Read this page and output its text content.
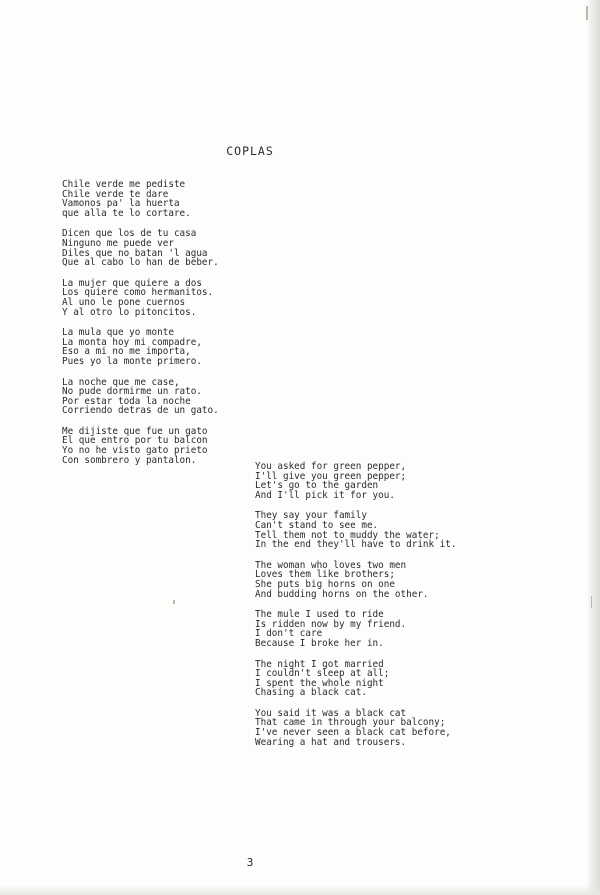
COPLAS
Chile verde me pediste
Chile verde te dare
Vamonos pa' la huerta
que alla te lo cortare.
Dicen que los de tu casa
Ninguno me puede ver
Diles que no batan 'l agua
Que al cabo lo han de beber.
La mujer que quiere a dos
Los quiere como hermanitos.
Al uno le pone cuernos
Y al otro lo pitoncitos.
La mula que yo monte
La monta hoy mi compadre,
Eso a mi no me importa,
Pues yo la monte primero.
La noche que me case,
No pude dormirme un rato.
Por estar toda la noche
Corriendo detras de un gato.
Me dijiste que fue un gato
El que entro por tu balcon
Yo no he visto gato prieto
Con sombrero y pantalon.
You asked for green pepper,
I'll give you green pepper;
Let's go to the garden
And I'll pick it for you.
They say your family
Can't stand to see me.
Tell them not to muddy the water;
In the end they'll have to drink it.
The woman who loves two men
Loves them like brothers;
She puts big horns on one
And budding horns on the other.
The mule I used to ride
Is ridden now by my friend.
I don't care
Because I broke her in.
The night I got married
I couldn't sleep at all;
I spent the whole night
Chasing a black cat.
You said it was a black cat
That came in through your balcony;
I've never seen a black cat before,
Wearing a hat and trousers.
3
